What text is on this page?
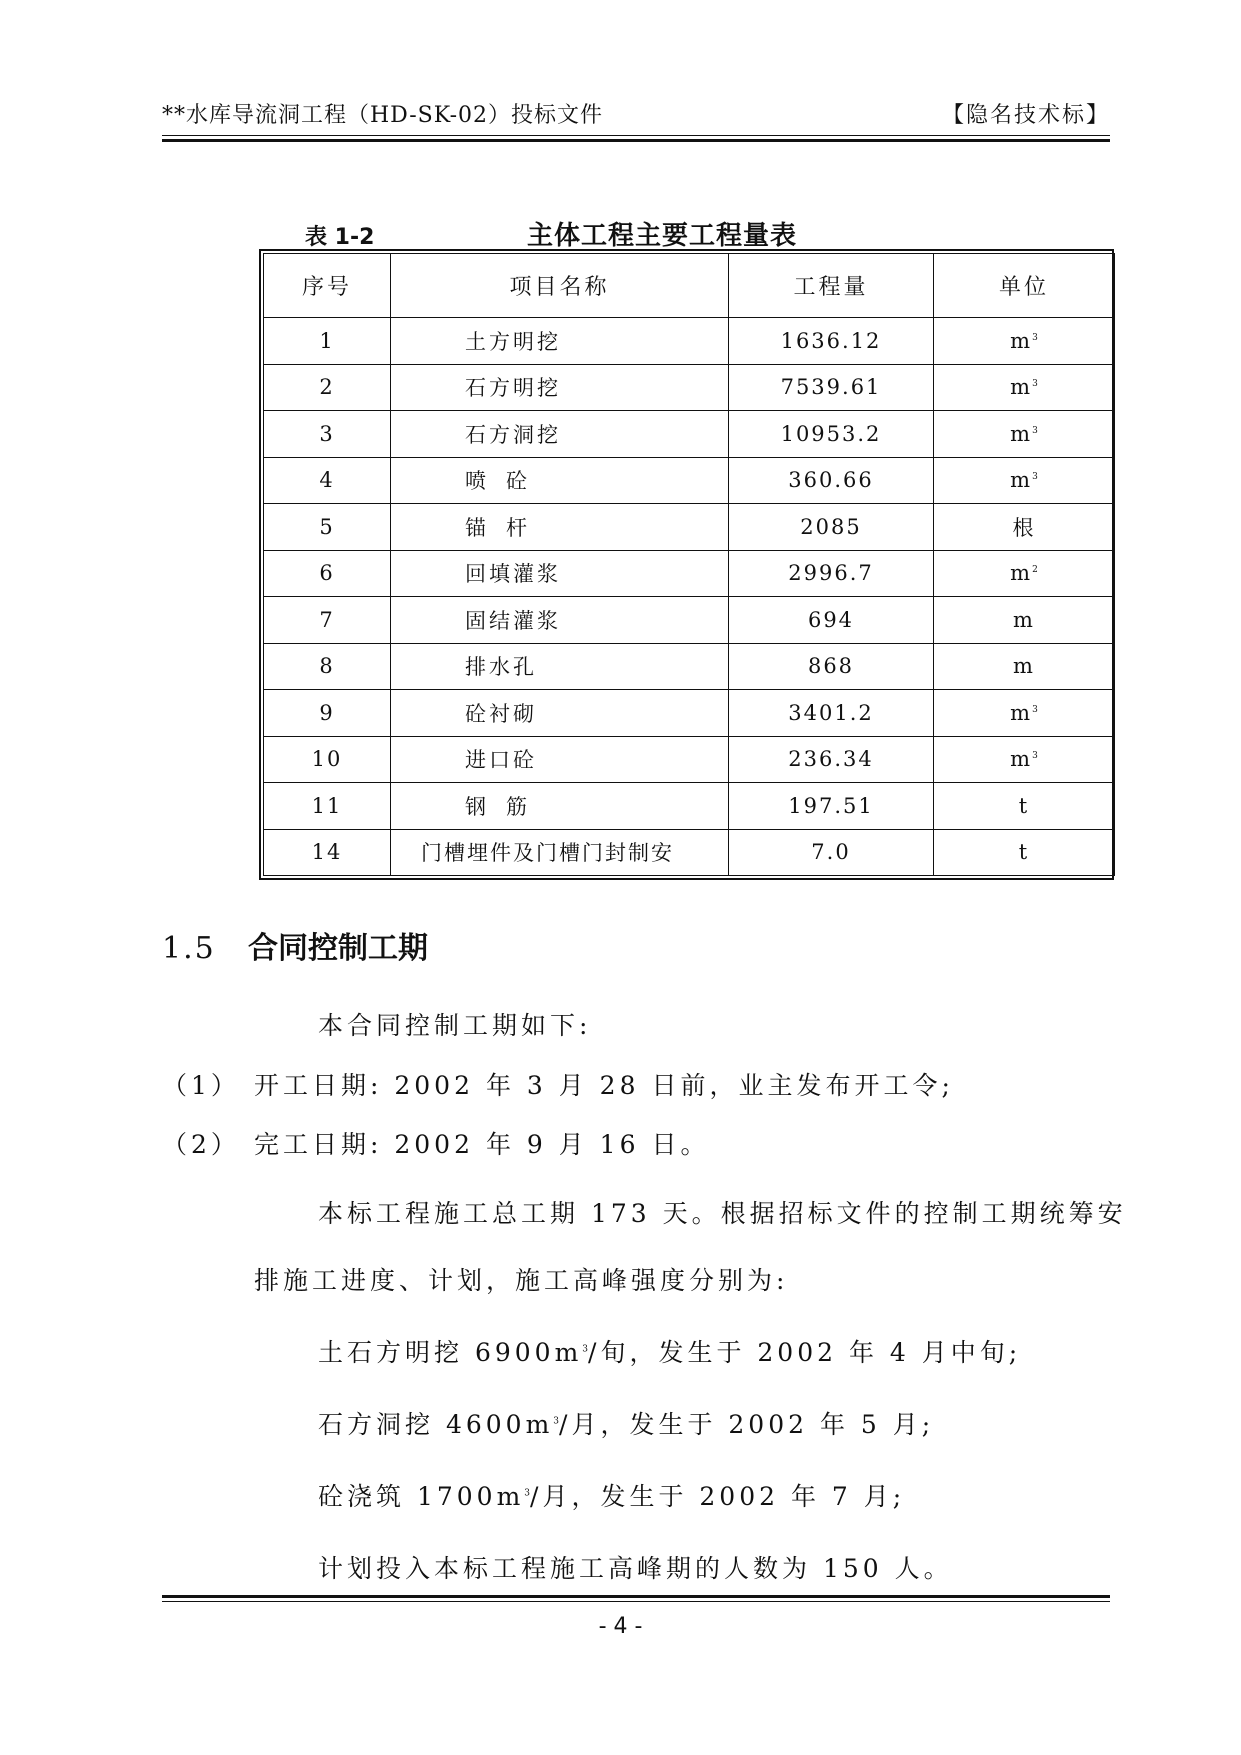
**水库导流洞工程（HD-SK-02）投标文件	【隐名技术标】
表 1-2	主体工程主要工程量表
序号	项目名称	工程量	单位
1	土方明挖	1636.12	$m^3$
2	石方明挖	7539.61	$m^3$
3	石方洞挖	10953.2	$m^3$
4	喷砼	360.66	$m^3$
5	锚杆	2085	根
6	回填灌浆	2996.7	$m^2$
7	固结灌浆	694	m
8	排水孔	868	m
9	砼衬砌	3401.2	$m^3$
10	进口砼	236.34	$m^3$
11	钢筋	197.51	t
14	门槽埋件及门槽门封制安	7.0	t
1.5 合同控制工期
本合同控制工期如下:
（1） 开工日期: 2002 年 3 月 28 日前，业主发布开工令;
（2） 完工日期: 2002 年 9 月 16 日。
本标工程施工总工期 173 天。根据招标文件的控制工期统筹安
排施工进度、计划，施工高峰强度分别为:
土石方明挖 $6900m^3/$旬，发生于 2002 年 4 月中旬;
石方洞挖 $4600m^3/$月，发生于 2002 年 5 月;
砼浇筑 $1700m^3/$月，发生于 2002 年 7 月;
计划投入本标工程施工高峰期的人数为 150 人。
- 4 -
